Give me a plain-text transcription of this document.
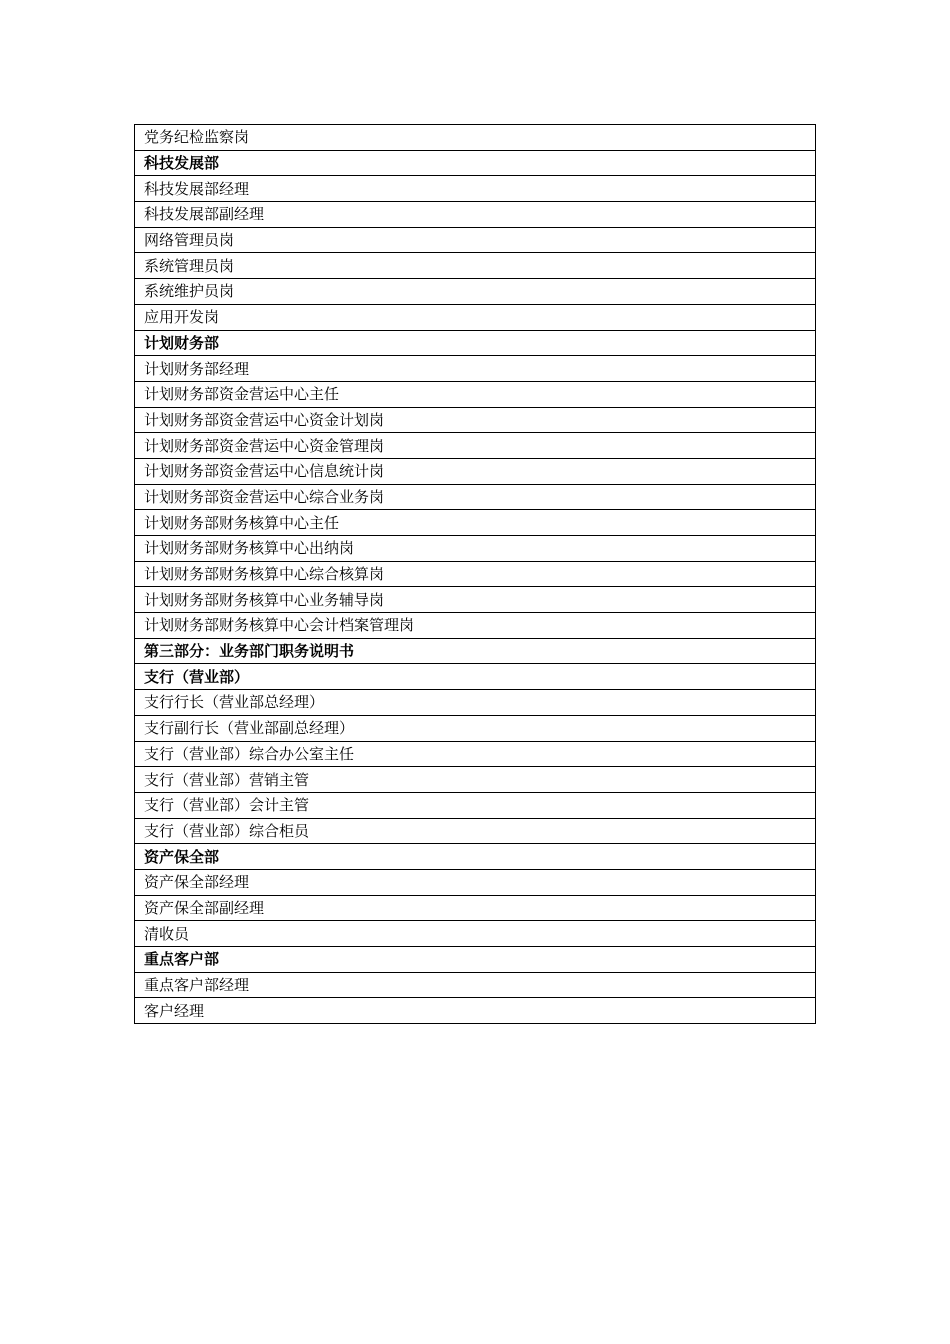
党务纪检监察岗
科技发展部
科技发展部经理
科技发展部副经理
网络管理员岗
系统管理员岗
系统维护员岗
应用开发岗
计划财务部
计划财务部经理
计划财务部资金营运中心主任
计划财务部资金营运中心资金计划岗
计划财务部资金营运中心资金管理岗
计划财务部资金营运中心信息统计岗
计划财务部资金营运中心综合业务岗
计划财务部财务核算中心主任
计划财务部财务核算中心出纳岗
计划财务部财务核算中心综合核算岗
计划财务部财务核算中心业务辅导岗
计划财务部财务核算中心会计档案管理岗
第三部分：业务部门职务说明书
支行（营业部）
支行行长（营业部总经理）
支行副行长（营业部副总经理）
支行（营业部）综合办公室主任
支行（营业部）营销主管
支行（营业部）会计主管
支行（营业部）综合柜员
资产保全部
资产保全部经理
资产保全部副经理
清收员
重点客户部
重点客户部经理
客户经理
